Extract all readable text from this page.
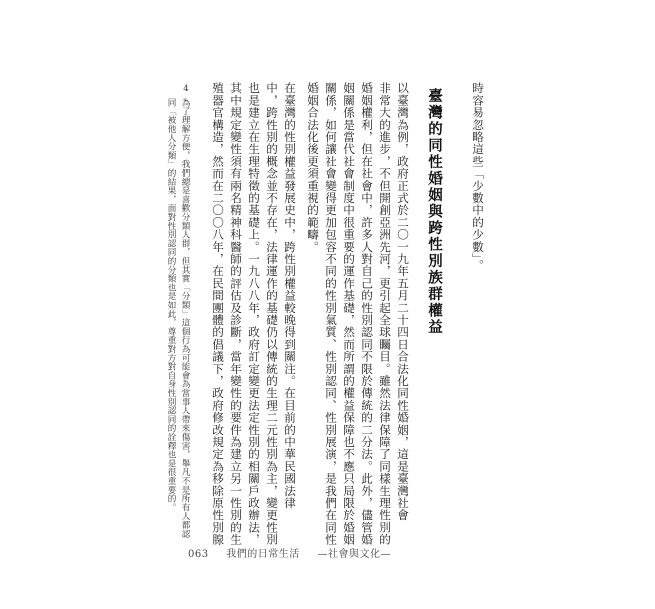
時容易忽略這些「少數中的少數」。
臺灣的同性婚姻與跨性別族群權益
以臺灣為例，政府正式於二〇一九年五月二十四日合法化同性婚姻，這是臺灣社會
非常大的進步，不但開創亞洲先河，更引起全球矚目。雖然法律保障了同樣生理性別的
婚姻權利，但在社會中，許多人對自己的性別認同不限於傳統的二分法。此外，儘管婚
姻關係是當代社會制度中很重要的運作基礎，然而所謂的權益保障也不應只局限於婚姻
關係，如何讓社會變得更加包容不同的性別氣質、性別認同、性別展演，是我們在同性
婚姻合法化後更須重視的範疇。
在臺灣的性別權益發展史中，跨性別權益較晚得到關注。在目前的中華民國法律
中，跨性別的概念並不存在，法律運作的基礎仍以傳統的生理二元性別為主，變更性別
也是建立在生理特徵的基礎上。一九八八年，政府訂定變更法定性別的相關戶政辦法，
其中規定變性須有兩名精神科醫師的評估及診斷，當年變性的要件為建立另一性別的生
殖器官構造，然而在二〇〇八年，在民間團體的倡議下，政府修改規定為移除原性別腺
4.
為了理解方便，我們總是喜歡分類人群，但其實「分類」這個行為可能會為當事人帶來傷害，舉凡不是所有人都認
同「被他人分類」的結果，面對性別認同的分類也是如此，尊重對方對自身性別認同的詮釋也是很重要的。
063 我們的日常生活 —社會與文化—
